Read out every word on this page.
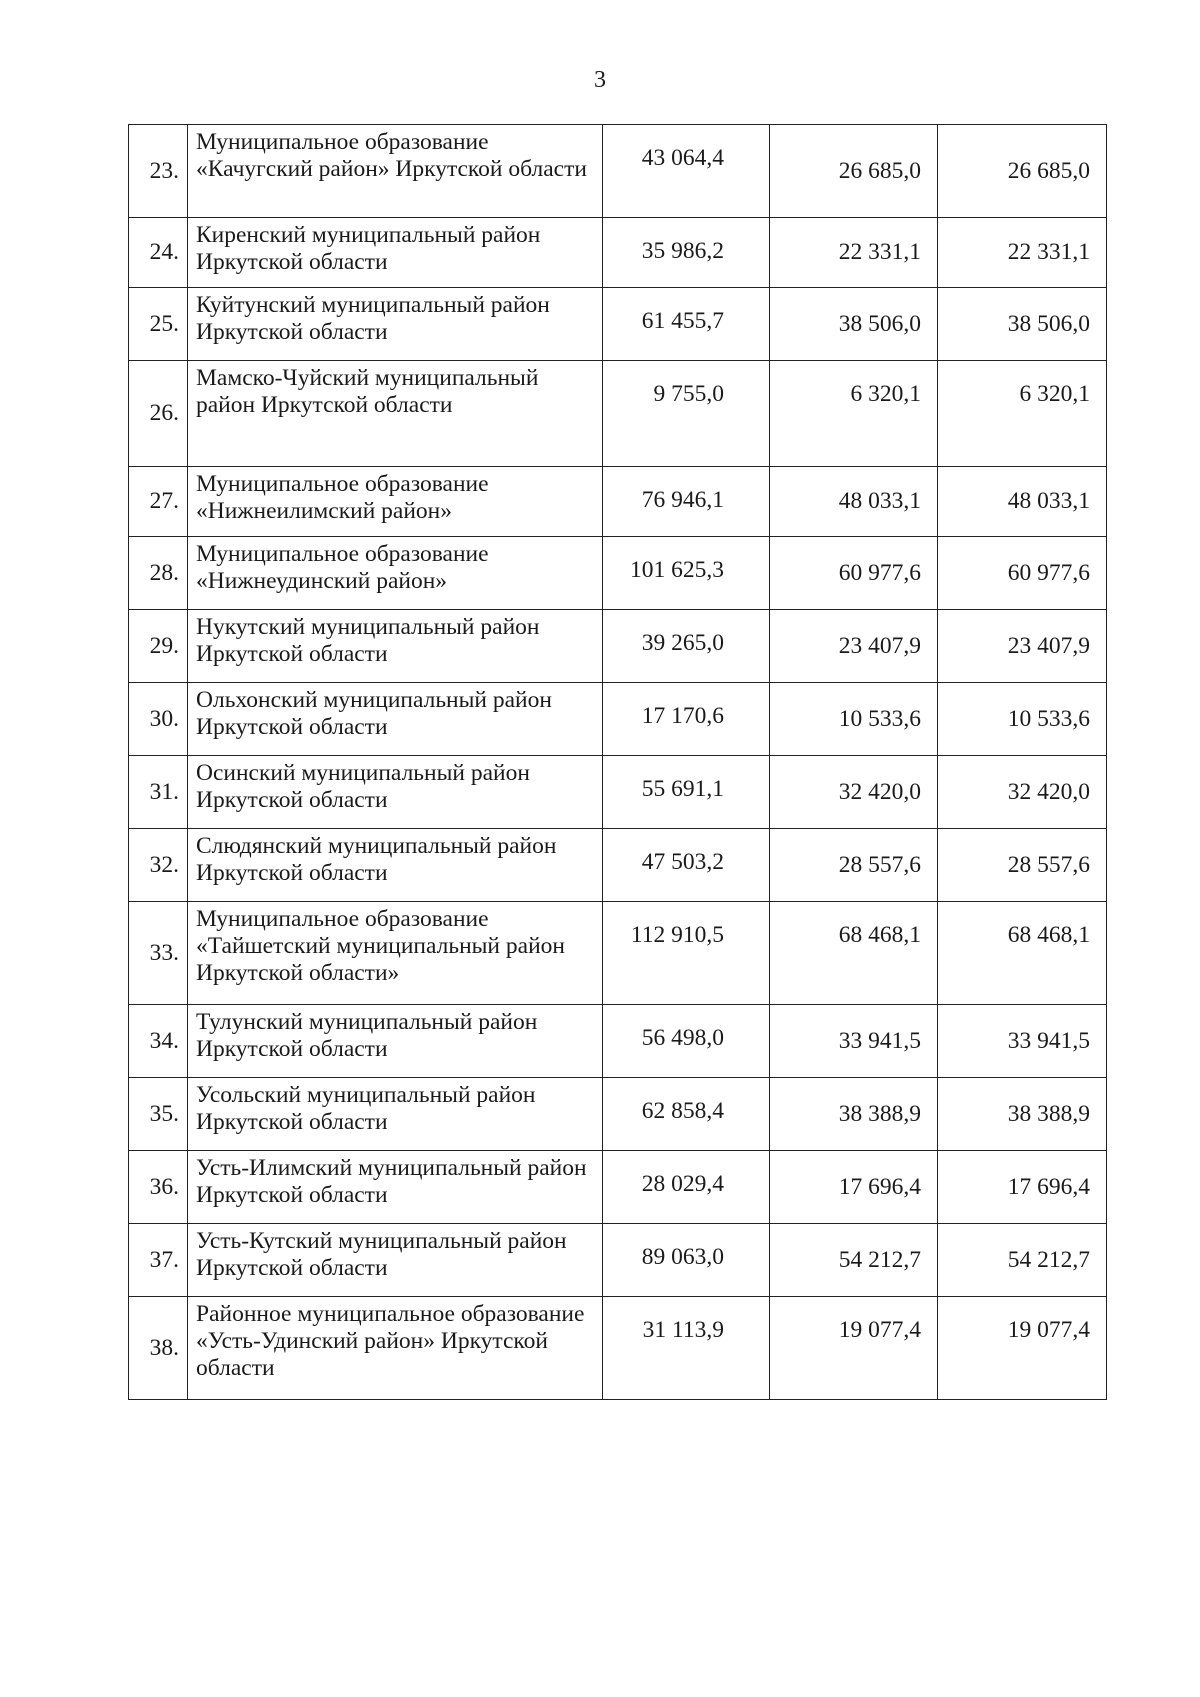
3
23.	Муниципальное образование «Качугский район» Иркутской области	43 064,4	26 685,0	26 685,0
24.	Киренский муниципальный район Иркутской области	35 986,2	22 331,1	22 331,1
25.	Куйтунский муниципальный район Иркутской области	61 455,7	38 506,0	38 506,0
26.	Мамско-Чуйский муниципальный район Иркутской области	9 755,0	6 320,1	6 320,1
27.	Муниципальное образование «Нижнеилимский район»	76 946,1	48 033,1	48 033,1
28.	Муниципальное образование «Нижнеудинский район»	101 625,3	60 977,6	60 977,6
29.	Нукутский муниципальный район Иркутской области	39 265,0	23 407,9	23 407,9
30.	Ольхонский муниципальный район Иркутской области	17 170,6	10 533,6	10 533,6
31.	Осинский муниципальный район Иркутской области	55 691,1	32 420,0	32 420,0
32.	Слюдянский муниципальный район Иркутской области	47 503,2	28 557,6	28 557,6
33.	Муниципальное образование «Тайшетский муниципальный район Иркутской области»	112 910,5	68 468,1	68 468,1
34.	Тулунский муниципальный район Иркутской области	56 498,0	33 941,5	33 941,5
35.	Усольский муниципальный район Иркутской области	62 858,4	38 388,9	38 388,9
36.	Усть-Илимский муниципальный район Иркутской области	28 029,4	17 696,4	17 696,4
37.	Усть-Кутский муниципальный район Иркутской области	89 063,0	54 212,7	54 212,7
38.	Районное муниципальное образование «Усть-Удинский район» Иркутской области	31 113,9	19 077,4	19 077,4
